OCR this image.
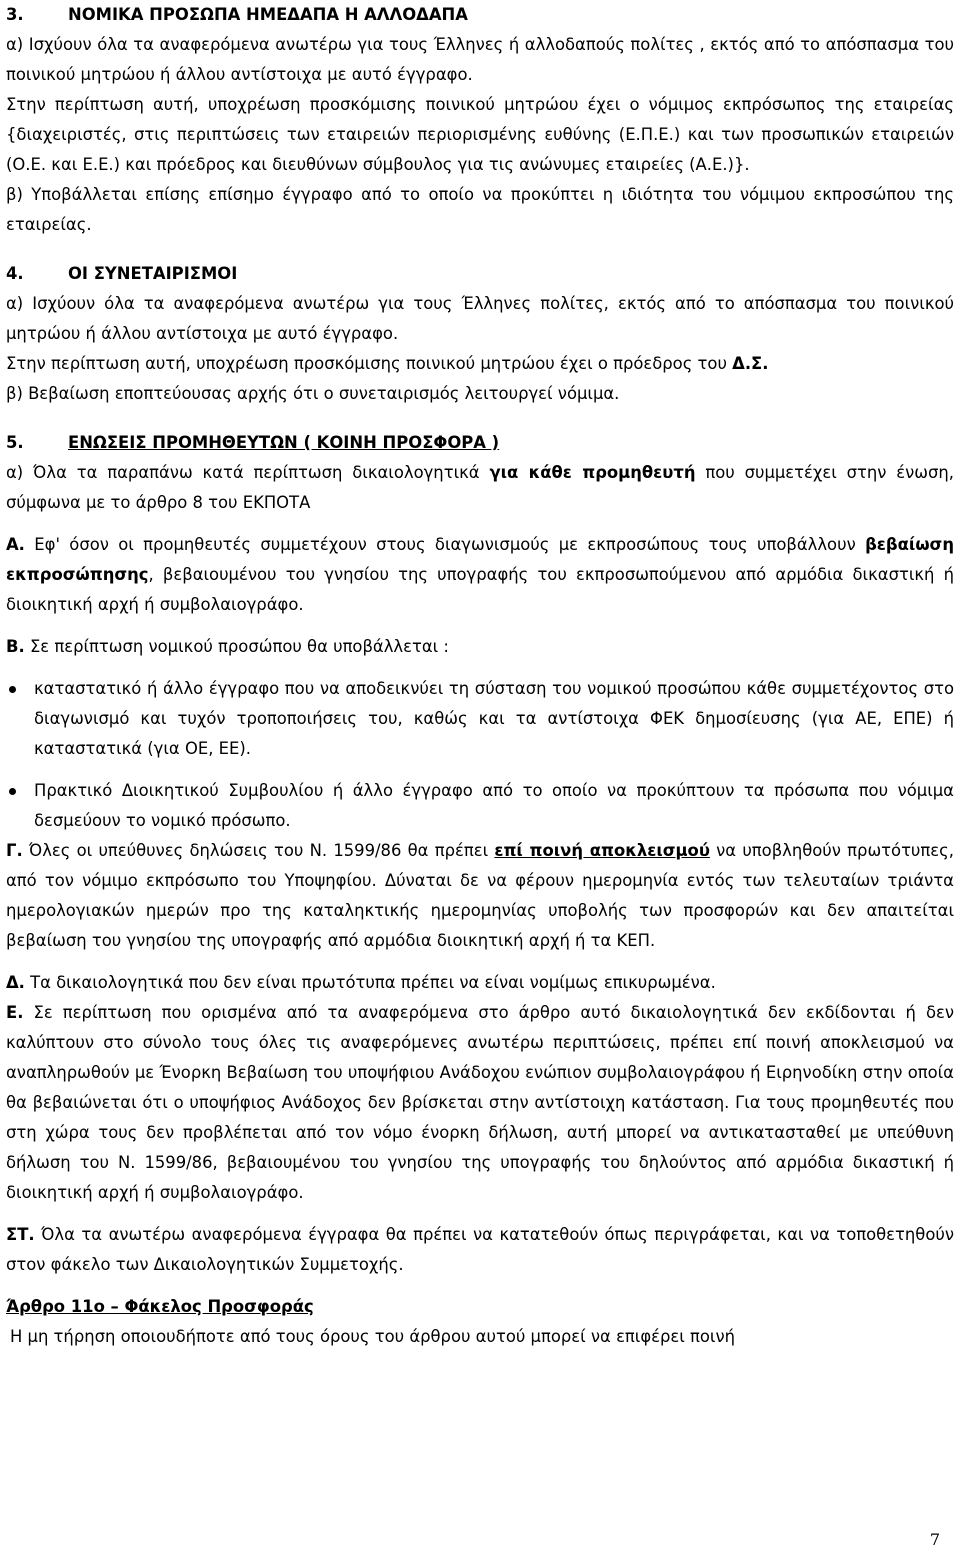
3.	ΝΟΜΙΚΑ ΠΡΟΣΩΠΑ ΗΜΕΔΑΠΑ Η ΑΛΛΟΔΑΠΑ

α) Ισχύουν όλα τα αναφερόμενα ανωτέρω για τους Έλληνες ή αλλοδαπούς πολίτες , εκτός από το απόσπασμα του ποινικού μητρώου ή άλλου αντίστοιχα με αυτό έγγραφο.

Στην περίπτωση αυτή, υποχρέωση προσκόμισης ποινικού μητρώου έχει ο νόμιμος εκπρόσωπος της εταιρείας {διαχειριστές, στις περιπτώσεις των εταιρειών περιορισμένης ευθύνης (Ε.Π.Ε.) και των προσωπικών εταιρειών (Ο.Ε. και Ε.Ε.) και πρόεδρος και διευθύνων σύμβουλος για τις ανώνυμες εταιρείες (Α.Ε.)}.

β) Υποβάλλεται επίσης επίσημο έγγραφο από το οποίο να προκύπτει η ιδιότητα του νόμιμου εκπροσώπου της εταιρείας.

4.	ΟΙ ΣΥΝΕΤΑΙΡΙΣΜΟΙ

α) Ισχύουν όλα τα αναφερόμενα ανωτέρω για τους Έλληνες πολίτες, εκτός από το απόσπασμα του ποινικού μητρώου ή άλλου αντίστοιχα με αυτό έγγραφο.

Στην περίπτωση αυτή, υποχρέωση προσκόμισης ποινικού μητρώου έχει ο πρόεδρος του Δ.Σ.

β) Βεβαίωση εποπτεύουσας αρχής ότι ο συνεταιρισμός λειτουργεί νόμιμα.

5.	ΕΝΩΣΕΙΣ ΠΡΟΜΗΘΕΥΤΩΝ ( ΚΟΙΝΗ ΠΡΟΣΦΟΡΑ )

α) Όλα τα παραπάνω κατά περίπτωση δικαιολογητικά για κάθε προμηθευτή που συμμετέχει στην ένωση, σύμφωνα με το άρθρο 8 του ΕΚΠΟΤΑ

Α. Εφ' όσον οι προμηθευτές συμμετέχουν στους διαγωνισμούς με εκπροσώπους τους υποβάλλουν βεβαίωση εκπροσώπησης, βεβαιουμένου του γνησίου της υπογραφής του εκπροσωπούμενου από αρμόδια δικαστική ή διοικητική αρχή ή συμβολαιογράφο.

Β. Σε περίπτωση νομικού προσώπου θα υποβάλλεται :

καταστατικό ή άλλο έγγραφο που να αποδεικνύει τη σύσταση του νομικού προσώπου κάθε συμμετέχοντος στο διαγωνισμό και τυχόν τροποποιήσεις του, καθώς και τα αντίστοιχα ΦΕΚ δημοσίευσης (για ΑΕ, ΕΠΕ) ή καταστατικά (για ΟΕ, ΕΕ).

Πρακτικό Διοικητικού Συμβουλίου ή άλλο έγγραφο από το οποίο να προκύπτουν τα πρόσωπα που νόμιμα δεσμεύουν το νομικό πρόσωπο.

Γ. Όλες οι υπεύθυνες δηλώσεις του Ν. 1599/86 θα πρέπει επί ποινή αποκλεισμού να υποβληθούν πρωτότυπες, από τον νόμιμο εκπρόσωπο του Υποψηφίου. Δύναται δε να φέρουν ημερομηνία εντός των τελευταίων τριάντα ημερολογιακών ημερών προ της καταληκτικής ημερομηνίας υποβολής των προσφορών και δεν απαιτείται βεβαίωση του γνησίου της υπογραφής από αρμόδια διοικητική αρχή ή τα ΚΕΠ.

Δ. Τα δικαιολογητικά που δεν είναι πρωτότυπα πρέπει να είναι νομίμως επικυρωμένα.

Ε. Σε περίπτωση που ορισμένα από τα αναφερόμενα στο άρθρο αυτό δικαιολογητικά δεν εκδίδονται ή δεν καλύπτουν στο σύνολο τους όλες τις αναφερόμενες ανωτέρω περιπτώσεις, πρέπει επί ποινή αποκλεισμού να αναπληρωθούν με Ένορκη Βεβαίωση του υποψήφιου Ανάδοχου ενώπιον συμβολαιογράφου ή Ειρηνοδίκη στην οποία θα βεβαιώνεται ότι ο υποψήφιος Ανάδοχος δεν βρίσκεται στην αντίστοιχη κατάσταση. Για τους προμηθευτές που στη χώρα τους δεν προβλέπεται από τον νόμο ένορκη δήλωση, αυτή μπορεί να αντικατασταθεί με υπεύθυνη δήλωση του Ν. 1599/86, βεβαιουμένου του γνησίου της υπογραφής του δηλούντος από αρμόδια δικαστική ή διοικητική αρχή ή συμβολαιογράφο.

ΣΤ. Όλα τα ανωτέρω αναφερόμενα έγγραφα θα πρέπει να κατατεθούν όπως περιγράφεται, και να τοποθετηθούν στον φάκελο των Δικαιολογητικών Συμμετοχής.

Άρθρο 11ο – Φάκελος Προσφοράς

Η μη τήρηση οποιουδήποτε από τους όρους του άρθρου αυτού μπορεί να επιφέρει ποινή

7
